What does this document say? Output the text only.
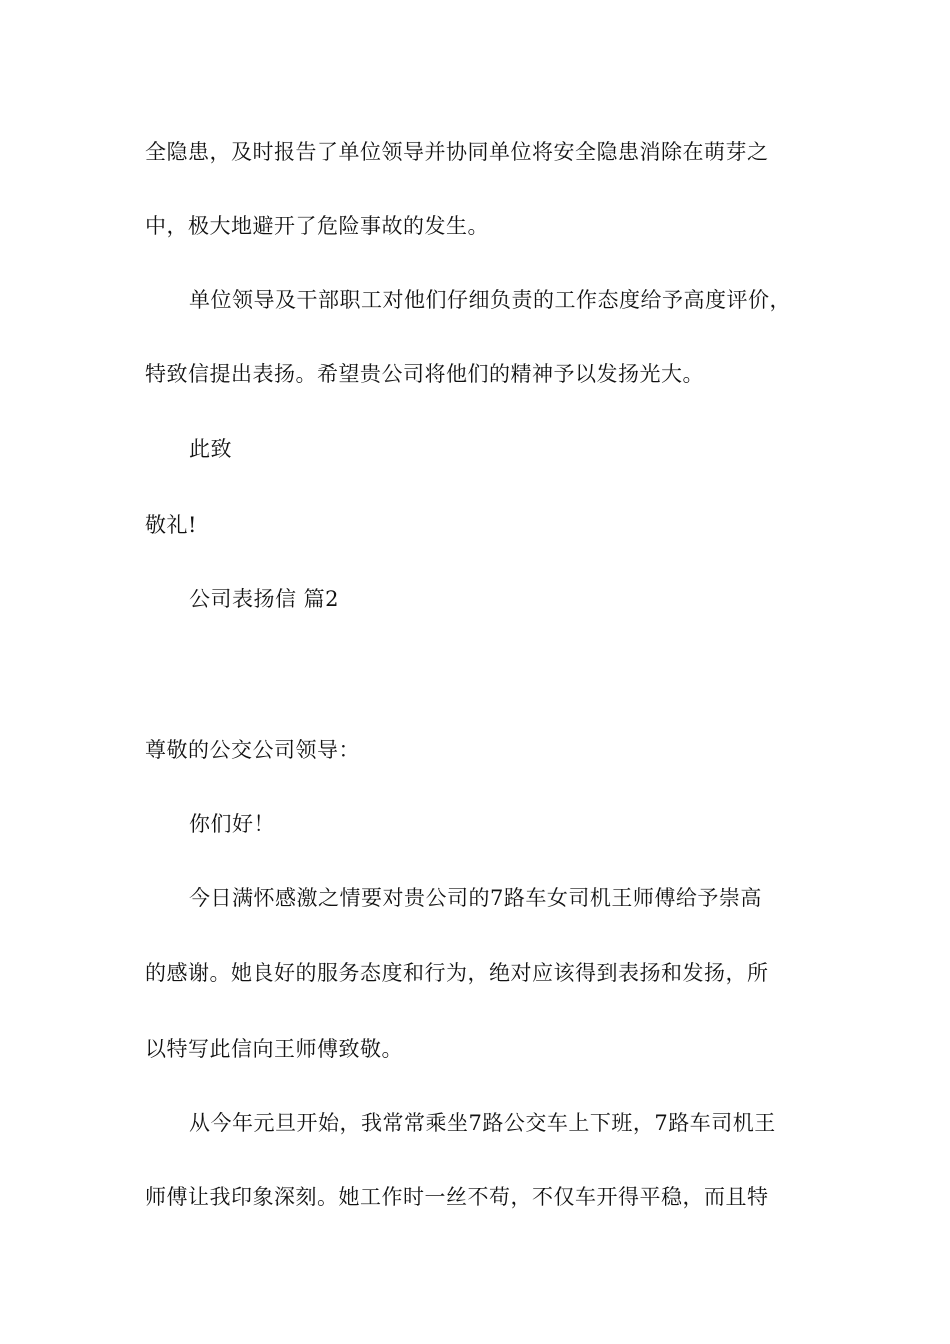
全隐患，及时报告了单位领导并协同单位将安全隐患消除在萌芽之
中，极大地避开了危险事故的发生。
单位领导及干部职工对他们仔细负责的工作态度给予高度评价，
特致信提出表扬。希望贵公司将他们的精神予以发扬光大。
此致
敬礼!
公司表扬信 篇2
尊敬的公交公司领导：
你们好！
今日满怀感激之情要对贵公司的7路车女司机王师傅给予崇高
的感谢。她良好的服务态度和行为，绝对应该得到表扬和发扬，所
以特写此信向王师傅致敬。
从今年元旦开始，我常常乘坐7路公交车上下班，7路车司机王
师傅让我印象深刻。她工作时一丝不苟，不仅车开得平稳，而且特
